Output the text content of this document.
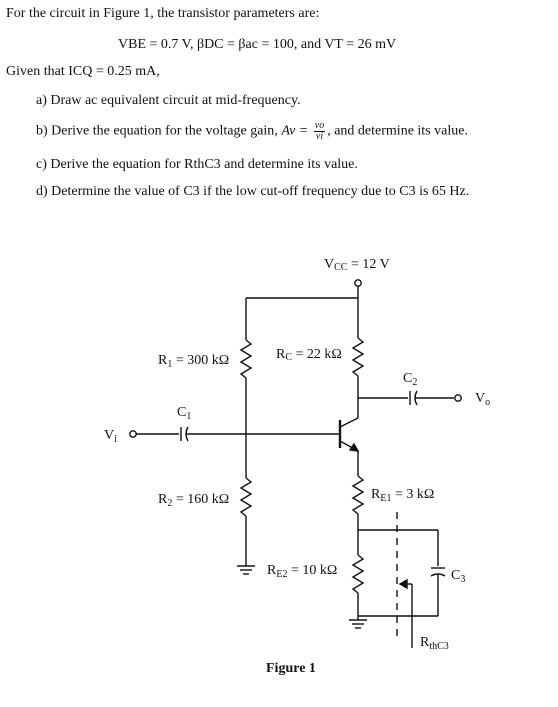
For the circuit in Figure 1, the transistor parameters are:
VBE = 0.7 V, βDC = βac = 100, and VT = 26 mV
Given that ICQ = 0.25 mA,
a) Draw ac equivalent circuit at mid-frequency.
b) Derive the equation for the voltage gain, $Av = \frac{vo}{vi}$ , and determine its value.
c) Derive the equation for RthC3 and determine its value.
d) Determine the value of C3 if the low cut-off frequency due to C3 is 65 Hz.
VCC = 12 V
$R_1 = 300$ kΩ	RC = 22 kΩ
$C_2$
$V_o$
$C_1$
$V_i$
$R_2 = 160$ kΩ	$R_{E1} = 3$ kΩ
$R_{E2} = 10$ kΩ	$C_3$
$R_{thC3}$
Figure 1
